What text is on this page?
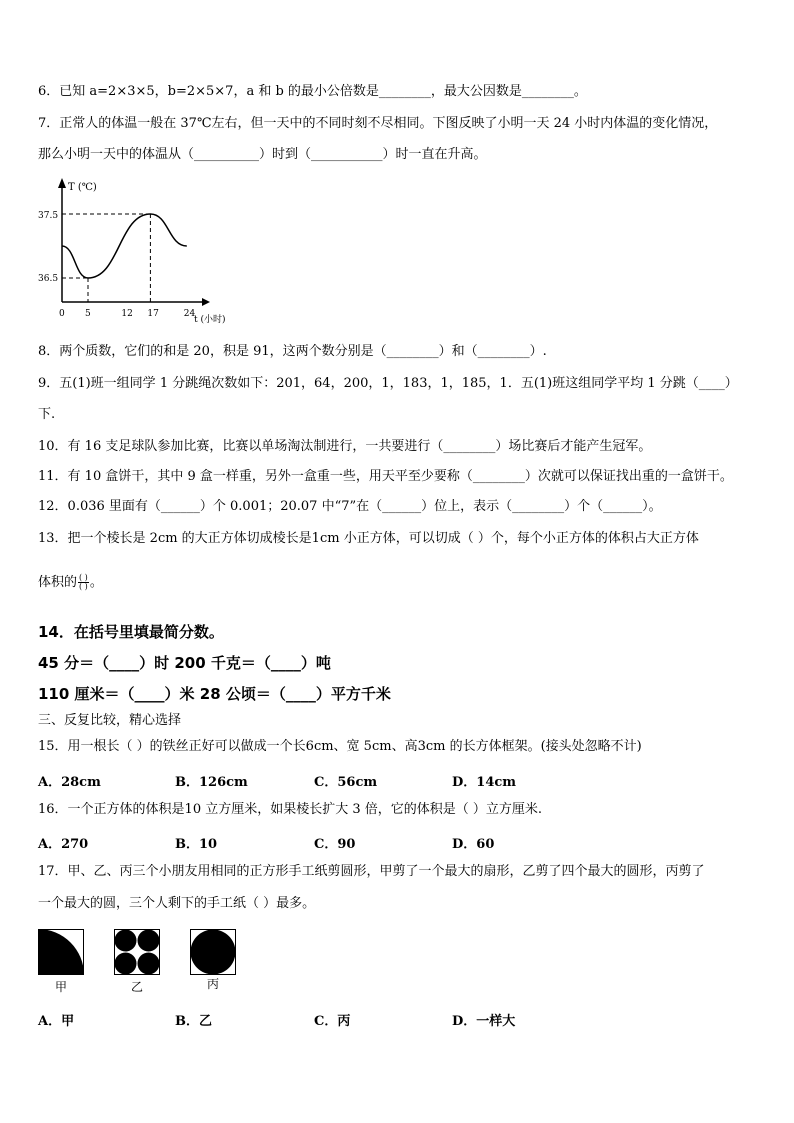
6．已知 a=2×3×5，b=2×5×7，a 和 b 的最小公倍数是________，最大公因数是________。
7．正常人的体温一般在 37℃左右，但一天中的不同时刻不尽相同。下图反映了小明一天 24 小时内体温的变化情况，
那么小明一天中的体温从（__________）时到（___________）时一直在升高。
T (℃)
37.5
36.5
0 5	12 17	24
t (小时)
8．两个质数，它们的和是 20，积是 91，这两个数分别是（________）和（________）.
9．五(1)班一组同学 1 分跳绳次数如下：201，64，200，1，183，1，185，1．五(1)班这组同学平均 1 分跳（____）
下.
10．有 16 支足球队参加比赛，比赛以单场淘汰制进行，一共要进行（________）场比赛后才能产生冠军。
11．有 10 盒饼干，其中 9 盒一样重，另外一盒重一些，用天平至少要称（________）次就可以保证找出重的一盒饼干。
12．0.036 里面有（______）个 0.001；20.07 中“7”在（______）位上，表示（________）个（______）。
13．把一个棱长是 2cm 的大正方体切成棱长是1cm 小正方体，可以切成（ ）个，每个小正方体的体积占大正方体
体积的 $\frac{( )}{( )}$ 。
14．在括号里填最简分数。
45 分＝（____）时 200 千克＝（____）吨
110 厘米＝（____）米 28 公顷＝（____）平方千米
三、反复比较，精心选择
15．用一根长（ ）的铁丝正好可以做成一个长6cm、宽 5cm、高3cm 的长方体框架。(接头处忽略不计)
A．28cm	B．126cm	C．56cm	D．14cm
16．一个正方体的体积是10 立方厘米，如果棱长扩大 3 倍，它的体积是（ ）立方厘米.
A．270	B．10	C．90	D．60
17．甲、乙、丙三个小朋友用相同的正方形手工纸剪圆形，甲剪了一个最大的扇形，乙剪了四个最大的圆形，丙剪了
一个最大的圆，三个人剩下的手工纸（ ）最多。
甲	乙	丙
A．甲	B．乙	C．丙	D．一样大
